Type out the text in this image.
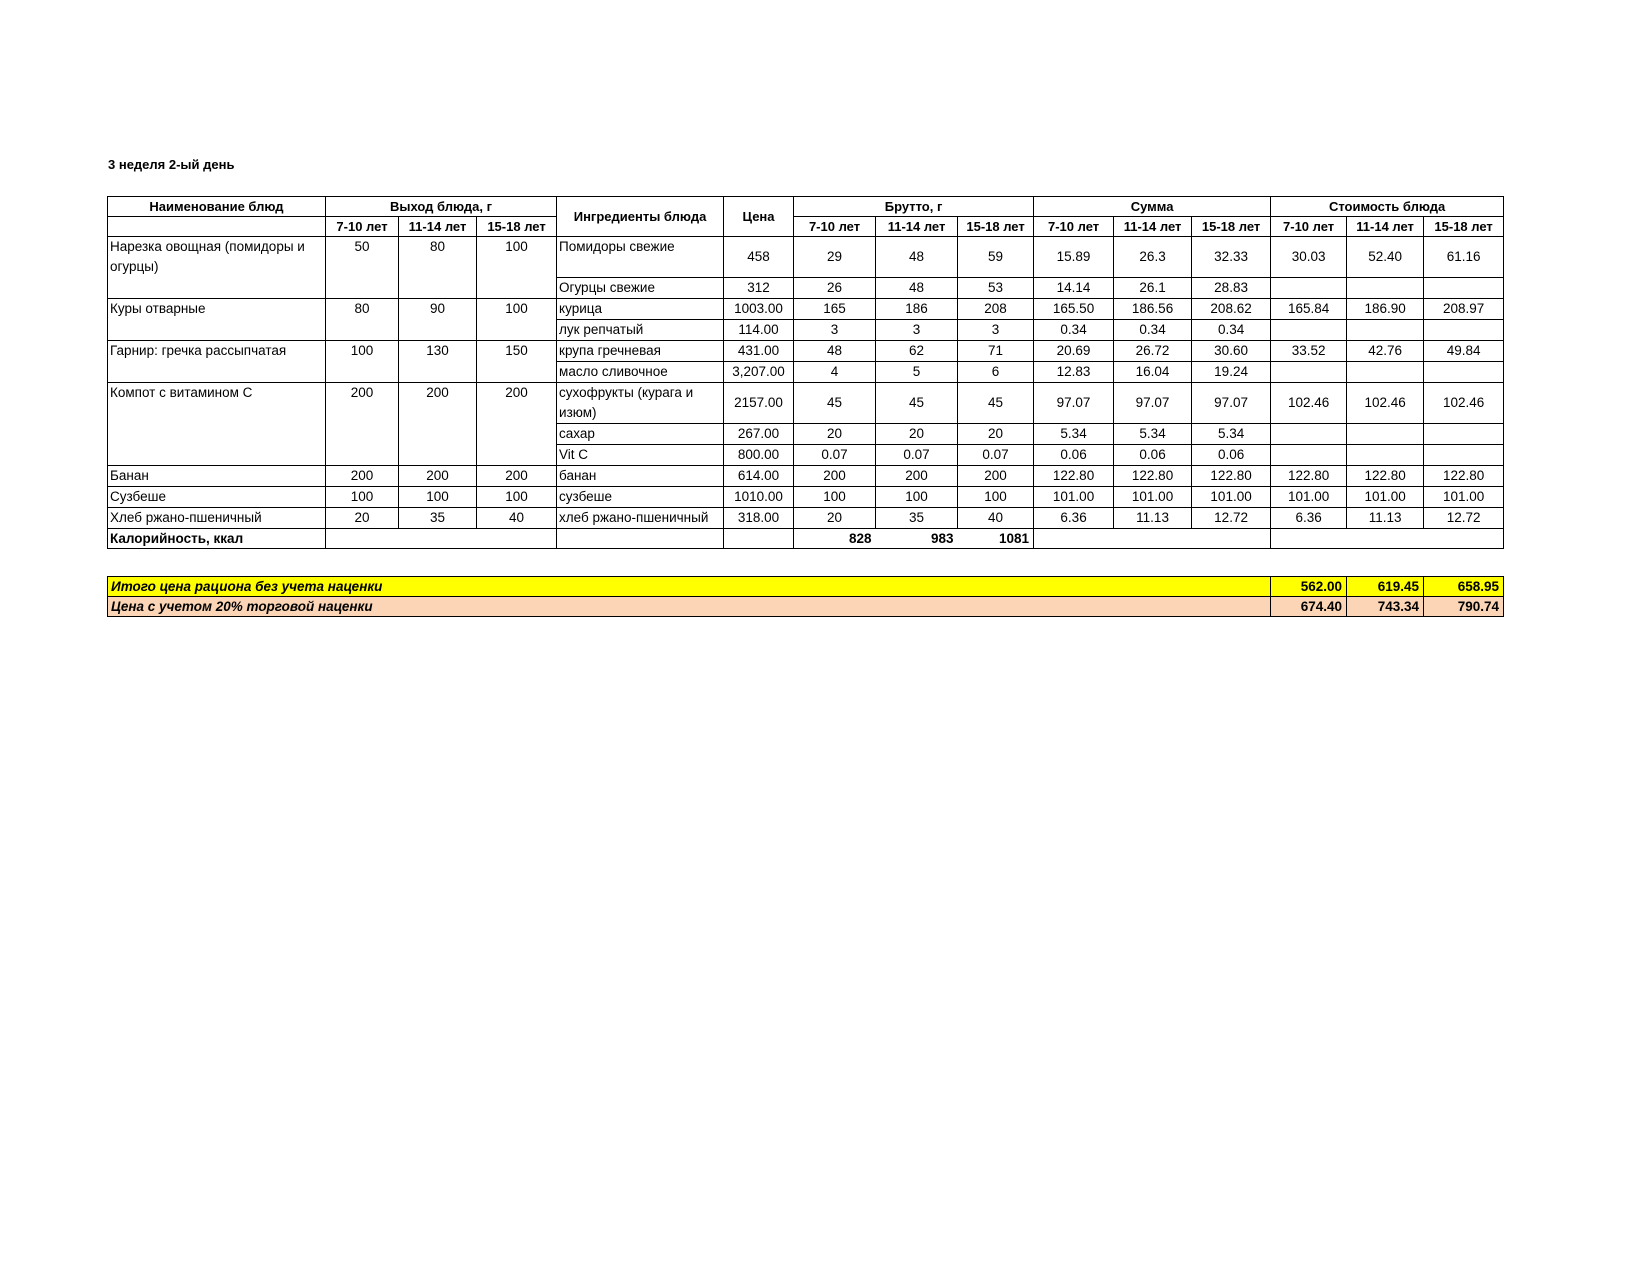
3 неделя 2-ый день
Наименование блюд	Выход блюда, г			Ингредиенты блюда	Цена	Брутто, г			Сумма			Стоимость блюда		
	7-10 лет	11-14 лет	15-18 лет			7-10 лет	11-14 лет	15-18 лет	7-10 лет	11-14 лет	15-18 лет	7-10 лет	11-14 лет	15-18 лет
Нарезка овощная (помидоры и огурцы)	50	80	100	Помидоры свежие	458	29	48	59	15.89	26.3	32.33	30.03	52.40	61.16
				Огурцы свежие	312	26	48	53	14.14	26.1	28.83			
Куры отварные	80	90	100	курица	1003.00	165	186	208	165.50	186.56	208.62	165.84	186.90	208.97
				лук репчатый	114.00	3	3	3	0.34	0.34	0.34			
Гарнир: гречка рассыпчатая	100	130	150	крупа гречневая	431.00	48	62	71	20.69	26.72	30.60	33.52	42.76	49.84
				масло сливочное	3,207.00	4	5	6	12.83	16.04	19.24			
Компот с витамином С	200	200	200	сухофрукты (курага и изюм)	2157.00	45	45	45	97.07	97.07	97.07	102.46	102.46	102.46
				сахар	267.00	20	20	20	5.34	5.34	5.34			
				Vit C	800.00	0.07	0.07	0.07	0.06	0.06	0.06			
Банан	200	200	200	банан	614.00	200	200	200	122.80	122.80	122.80	122.80	122.80	122.80
Сузбеше	100	100	100	сузбеше	1010.00	100	100	100	101.00	101.00	101.00	101.00	101.00	101.00
Хлеб ржано-пшеничный	20	35	40	хлеб ржано-пшеничный	318.00	20	35	40	6.36	11.13	12.72	6.36	11.13	12.72
Калорийность, ккал						828	983	1081						
Итого цена рациона без учета наценки	562.00	619.45	658.95
Цена с учетом 20% торговой наценки	674.40	743.34	790.74
